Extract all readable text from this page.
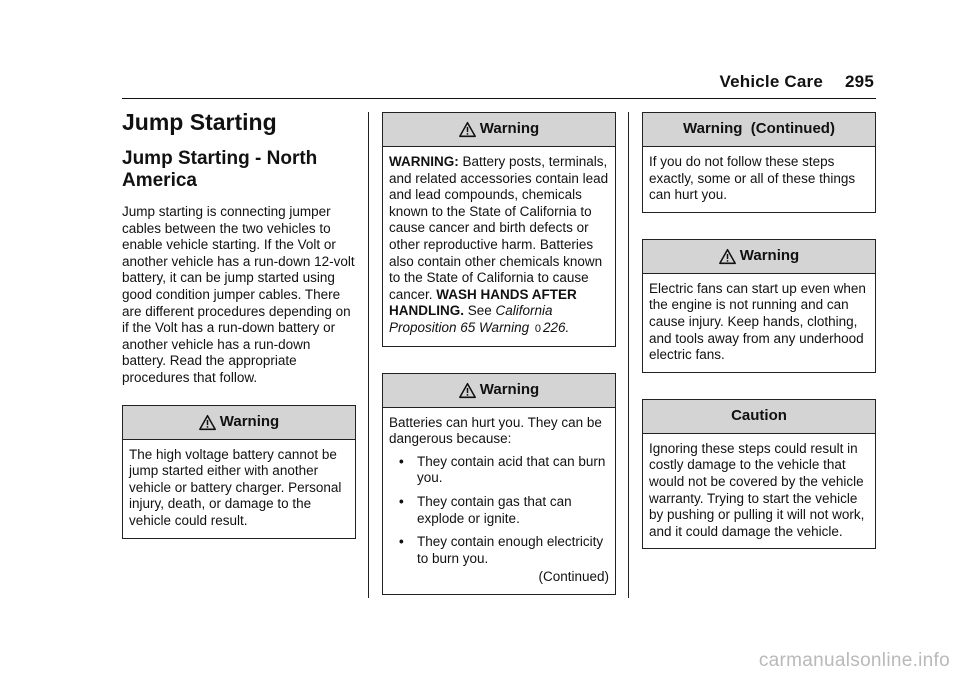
Vehicle Care 295
Jump Starting
Jump Starting - North America

Jump starting is connecting jumper cables between the two vehicles to enable vehicle starting. If the Volt or another vehicle has a run-down 12-volt battery, it can be jump started using good condition jumper cables. There are different procedures depending on if the Volt has a run-down battery or another vehicle has a run-down battery. Read the appropriate procedures that follow.

Warning

The high voltage battery cannot be jump started either with another vehicle or battery charger. Personal injury, death, or damage to the vehicle could result.

Warning

WARNING: Battery posts, terminals, and related accessories contain lead and lead compounds, chemicals known to the State of California to cause cancer and birth defects or other reproductive harm. Batteries also contain other chemicals known to the State of California to cause cancer. WASH HANDS AFTER HANDLING. See California Proposition 65 Warning 0 226.

Warning

Batteries can hurt you. They can be dangerous because:

• They contain acid that can burn you.
• They contain gas that can explode or ignite.
• They contain enough electricity to burn you.

(Continued)

Warning  (Continued)

If you do not follow these steps exactly, some or all of these things can hurt you.

Warning

Electric fans can start up even when the engine is not running and can cause injury. Keep hands, clothing, and tools away from any underhood electric fans.

Caution

Ignoring these steps could result in costly damage to the vehicle that would not be covered by the vehicle warranty. Trying to start the vehicle by pushing or pulling it will not work, and it could damage the vehicle.

carmanualsonline.info
